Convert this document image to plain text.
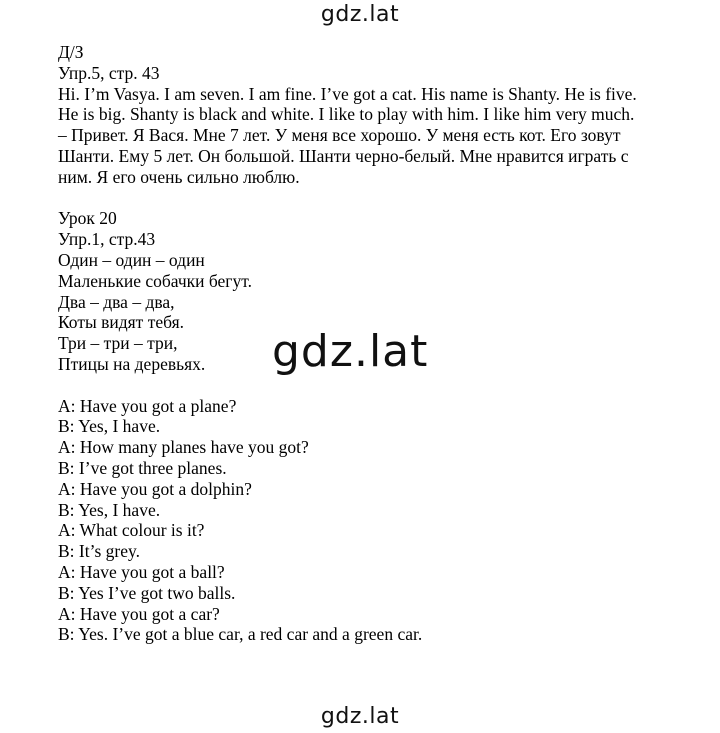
gdz.lat
Д/З
Упр.5, стр. 43
Hi. I’m Vasya. I am seven. I am fine. I’ve got a cat. His name is Shanty. He is five.
He is big. Shanty is black and white. I like to play with him. I like him very much.
– Привет. Я Вася. Мне 7 лет. У меня все хорошо. У меня есть кот. Его зовут
Шанти. Ему 5 лет. Он большой. Шанти черно-белый. Мне нравится играть с
ним. Я его очень сильно люблю.
Урок 20
Упр.1, стр.43
Один – один – один
Маленькие собачки бегут.
Два – два – два,
Коты видят тебя.
Три – три – три,
Птицы на деревьях.
A: Have you got a plane?
B: Yes, I have.
A: How many planes have you got?
B: I’ve got three planes.
A: Have you got a dolphin?
B: Yes, I have.
A: What colour is it?
B: It’s grey.
A: Have you got a ball?
B: Yes I’ve got two balls.
A: Have you got a car?
B: Yes. I’ve got a blue car, a red car and a green car.
gdz.lat
gdz.lat
